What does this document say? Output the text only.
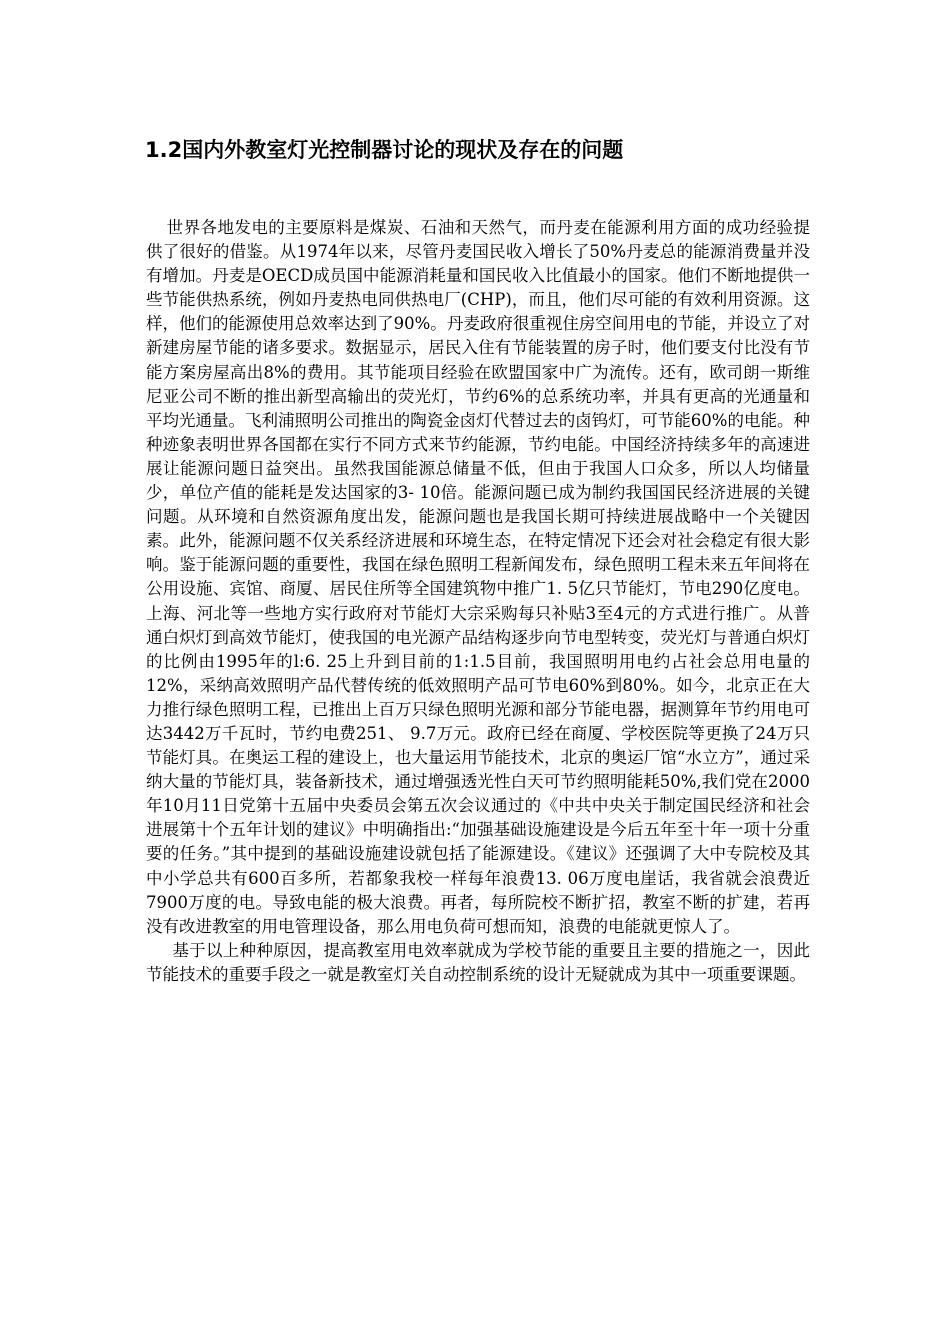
1.2国内外教室灯光控制器讨论的现状及存在的问题

世界各地发电的主要原料是煤炭、石油和天然气，而丹麦在能源利用方面的成功经验提供了很好的借鉴。从1974年以来，尽管丹麦国民收入增长了50%丹麦总的能源消费量并没有增加。丹麦是OECD成员国中能源消耗量和国民收入比值最小的国家。他们不断地提供一些节能供热系统，例如丹麦热电同供热电厂(CHP)，而且，他们尽可能的有效利用资源。这样，他们的能源使用总效率达到了90%。丹麦政府很重视住房空间用电的节能，并设立了对新建房屋节能的诸多要求。数据显示，居民入住有节能装置的房子时，他们要支付比没有节能方案房屋高出8%的费用。其节能项目经验在欧盟国家中广为流传。还有，欧司朗一斯维尼亚公司不断的推出新型高输出的荧光灯，节约6%的总系统功率，并具有更高的光通量和平均光通量。飞利浦照明公司推出的陶瓷金卤灯代替过去的卤钨灯，可节能60%的电能。种种迹象表明世界各国都在实行不同方式来节约能源，节约电能。中国经济持续多年的高速进展让能源问题日益突出。虽然我国能源总储量不低，但由于我国人口众多，所以人均储量少，单位产值的能耗是发达国家的3- 10倍。能源问题已成为制约我国国民经济进展的关键问题。从环境和自然资源角度出发，能源问题也是我国长期可持续进展战略中一个关键因素。此外，能源问题不仅关系经济进展和环境生态，在特定情况下还会对社会稳定有很大影响。鉴于能源问题的重要性，我国在绿色照明工程新闻发布，绿色照明工程未来五年间将在公用设施、宾馆、商厦、居民住所等全国建筑物中推广1. 5亿只节能灯，节电290亿度电。上海、河北等一些地方实行政府对节能灯大宗采购每只补贴3至4元的方式进行推广。从普通白炽灯到高效节能灯，使我国的电光源产品结构逐步向节电型转变，荧光灯与普通白炽灯的比例由1995年的l:6. 25上升到目前的1:1.5目前，我国照明用电约占社会总用电量的12%，采纳高效照明产品代替传统的低效照明产品可节电60%到80%。如今，北京正在大力推行绿色照明工程，已推出上百万只绿色照明光源和部分节能电器，据测算年节约用电可达3442万千瓦时，节约电费251、 9.7万元。政府已经在商厦、学校医院等更换了24万只节能灯具。在奥运工程的建设上，也大量运用节能技术，北京的奥运厂馆“水立方”，通过采纳大量的节能灯具，装备新技术，通过增强透光性白天可节约照明能耗50%,我们党在2000年10月11日党第十五届中央委员会第五次会议通过的《中共中央关于制定国民经济和社会进展第十个五年计划的建议》中明确指出:“加强基础设施建设是今后五年至十年一项十分重要的任务。”其中提到的基础设施建设就包括了能源建设。《建议》还强调了大中专院校及其中小学总共有600百多所，若都象我校一样每年浪费13. 06万度电崖话，我省就会浪费近7900万度的电。导致电能的极大浪费。再者，每所院校不断扩招，教室不断的扩建，若再没有改进教室的用电管理设备，那么用电负荷可想而知，浪费的电能就更惊人了。

基于以上种种原因，提高教室用电效率就成为学校节能的重要且主要的措施之一，因此节能技术的重要手段之一就是教室灯关自动控制系统的设计无疑就成为其中一项重要课题。
